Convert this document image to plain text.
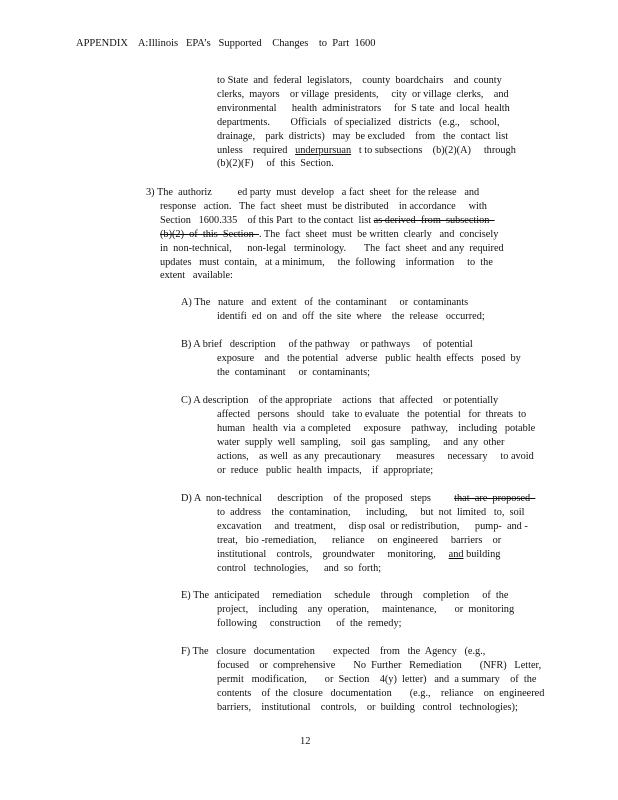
APPENDIX    A:Illinois   EPA’s   Supported    Changes    to  Part  1600
to State  and  federal  legislators,    county  boardchairs    and  county
clerks,  mayors    or village  presidents,     city  or village  clerks,    and
environmental      health  administrators     for  S tate  and  local  health
departments.        Officials   of specialized   districts   (e.g.,    school,
drainage,    park  districts)   may  be excluded    from   the  contact  list
unless    required   underpursuan   t to subsections    (b)(2)(A)     through
(b)(2)(F)     of  this  Section.
3) The  authoriz          ed party  must  develop   a fact  sheet  for  the release   and
response   action.   The  fact  sheet  must  be distributed    in accordance     with
Section   1600.335    of this Part  to the contact  list as derived  from  subsection
(b)(2)  of  this  Section  . The  fact  sheet  must  be written  clearly   and  concisely
in  non-technical,      non-legal   terminology.       The  fact  sheet  and any  required
updates   must  contain,   at a minimum,     the  following    information     to  the
extent   available:
A) The   nature   and  extent   of  the  contaminant     or  contaminants
identifi  ed  on  and  off  the  site  where    the  release   occurred;
B) A brief   description     of the pathway    or pathways     of  potential
exposure    and   the potential   adverse   public  health  effects   posed  by
the  contaminant     or  contaminants;
C) A description    of the appropriate    actions   that  affected    or potentially
affected   persons   should   take  to evaluate   the  potential   for  threats  to
human   health  via  a completed     exposure    pathway,    including   potable
water  supply  well  sampling,    soil  gas  sampling,     and  any  other
actions,    as well  as any  precautionary      measures     necessary     to avoid
or  reduce   public  health  impacts,    if  appropriate;
D) A  non-technical      description    of  the  proposed   steps         that  are  proposed
to  address    the  contamination,      including,     but  not  limited   to,  soil
excavation     and  treatment,     disp osal  or redistribution,      pump-  and -
treat,   bio -remediation,      reliance     on  engineered     barriers    or
institutional    controls,    groundwater     monitoring,     and building
control   technologies,      and  so  forth;
E) The  anticipated     remediation     schedule    through    completion     of  the
project,    including    any  operation,     maintenance,       or  monitoring
following     construction      of  the  remedy;
F) The   closure   documentation       expected    from   the  Agency   (e.g.,
focused    or  comprehensive       No  Further   Remediation       (NFR)   Letter,
permit   modification,       or  Section    4(y)  letter)   and  a summary    of  the
contents    of  the  closure   documentation       (e.g.,    reliance    on  engineered
barriers,    institutional    controls,    or  building   control   technologies);
12
